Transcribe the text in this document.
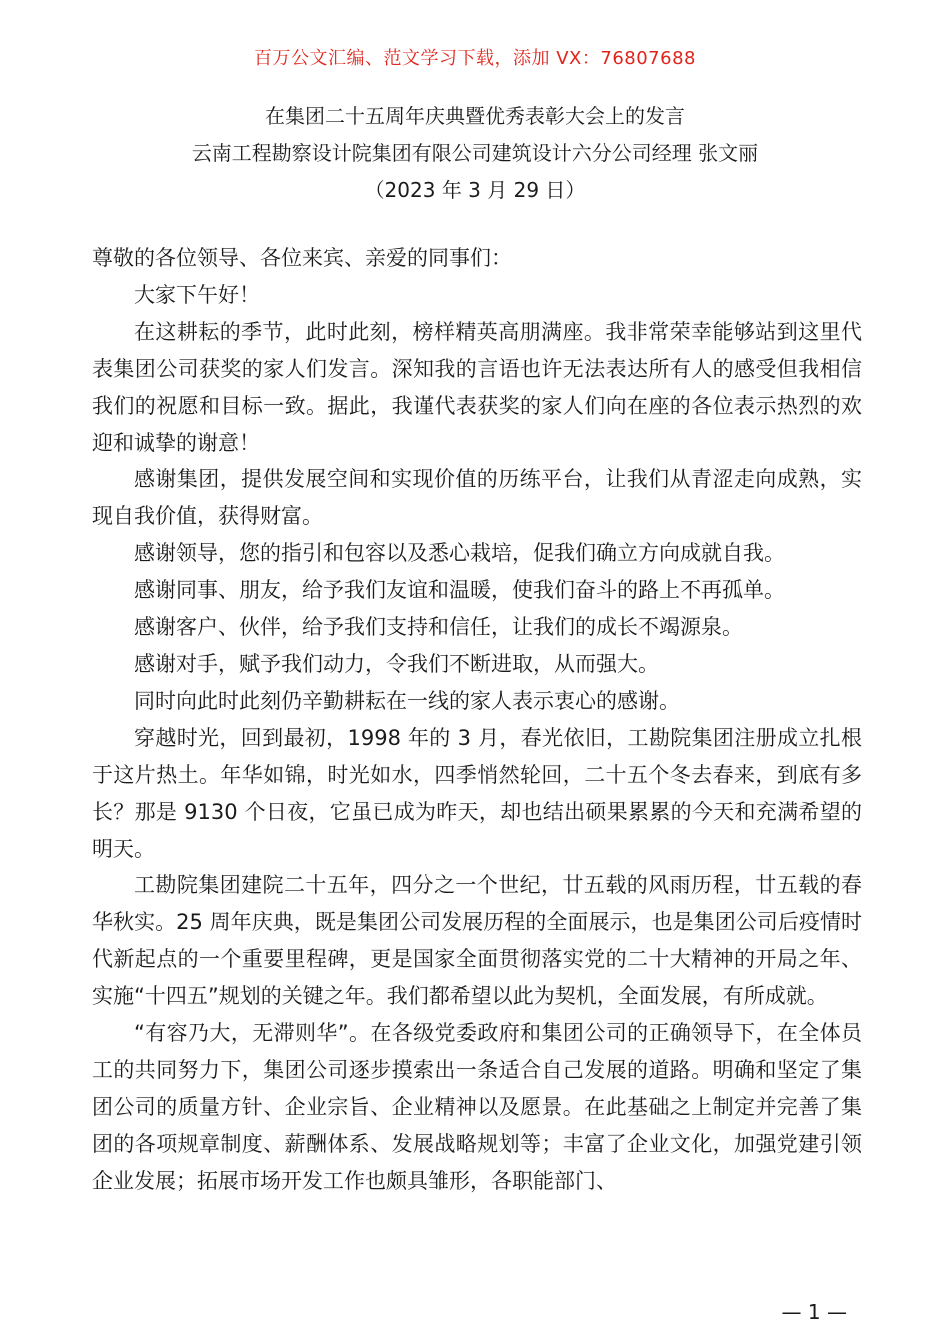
百万公文汇编、范文学习下载，添加 VX：76807688
在集团二十五周年庆典暨优秀表彰大会上的发言
云南工程勘察设计院集团有限公司建筑设计六分公司经理 张文丽
（2023 年 3 月 29 日）

尊敬的各位领导、各位来宾、亲爱的同事们：

大家下午好！

在这耕耘的季节，此时此刻，榜样精英高朋满座。我非常荣幸能够站到这里代表集团公司获奖的家人们发言。深知我的言语也许无法表达所有人的感受但我相信我们的祝愿和目标一致。据此，我谨代表获奖的家人们向在座的各位表示热烈的欢迎和诚挚的谢意！

感谢集团，提供发展空间和实现价值的历练平台，让我们从青涩走向成熟，实现自我价值，获得财富。

感谢领导，您的指引和包容以及悉心栽培，促我们确立方向成就自我。

感谢同事、朋友，给予我们友谊和温暖，使我们奋斗的路上不再孤单。

感谢客户、伙伴，给予我们支持和信任，让我们的成长不竭源泉。

感谢对手，赋予我们动力，令我们不断进取，从而强大。

同时向此时此刻仍辛勤耕耘在一线的家人表示衷心的感谢。

穿越时光，回到最初，1998 年的 3 月，春光依旧，工勘院集团注册成立扎根于这片热土。年华如锦，时光如水，四季悄然轮回，二十五个冬去春来，到底有多长？那是 9130 个日夜，它虽已成为昨天，却也结出硕果累累的今天和充满希望的明天。

工勘院集团建院二十五年，四分之一个世纪，廿五载的风雨历程，廿五载的春华秋实。25 周年庆典，既是集团公司发展历程的全面展示，也是集团公司后疫情时代新起点的一个重要里程碑，更是国家全面贯彻落实党的二十大精神的开局之年、实施“十四五”规划的关键之年。我们都希望以此为契机，全面发展，有所成就。

“有容乃大，无滞则华”。在各级党委政府和集团公司的正确领导下，在全体员工的共同努力下，集团公司逐步摸索出一条适合自己发展的道路。明确和坚定了集团公司的质量方针、企业宗旨、企业精神以及愿景。在此基础之上制定并完善了集团的各项规章制度、薪酬体系、发展战略规划等；丰富了企业文化，加强党建引领企业发展；拓展市场开发工作也颇具雏形，各职能部门、

— 1 —
